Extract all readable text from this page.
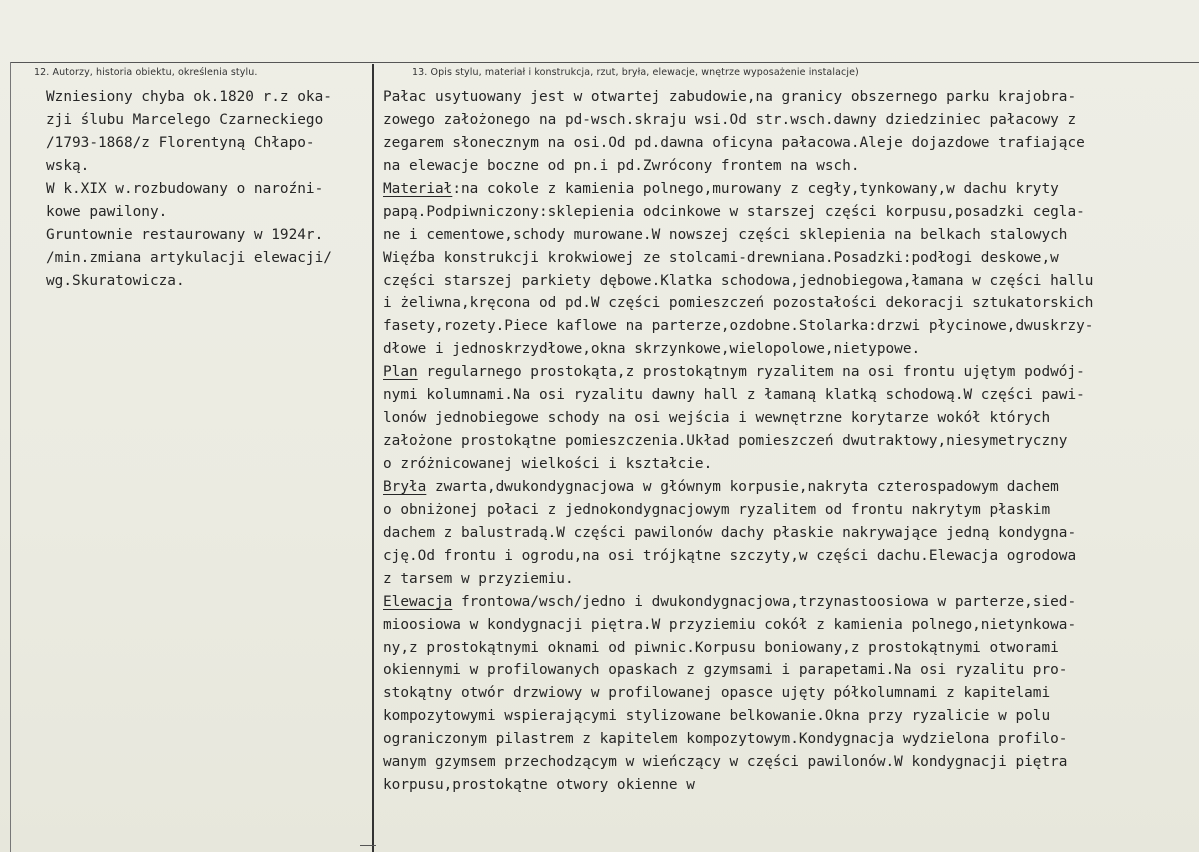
12. Autorzy, historia obiektu, określenia stylu.	13. Opis stylu, materiał i konstrukcja, rzut, bryła, elewacje, wnętrze wyposażenie instalacje)
Wzniesiony chyba ok.1820 r.z oka-
zji ślubu Marcelego Czarneckiego
/1793-1868/z Florentyną Chłapo-
wską.
W k.XIX w.rozbudowany o naroźni-
kowe pawilony.
Gruntownie restaurowany w 1924r.
/min.zmiana artykulacji elewacji/
wg.Skuratowicza.
Pałac usytuowany jest w otwartej zabudowie,na granicy obszernego parku krajobra-
zowego założonego na pd-wsch.skraju wsi.Od str.wsch.dawny dziedziniec pałacowy z
zegarem słonecznym na osi.Od pd.dawna oficyna pałacowa.Aleje dojazdowe trafiające
na elewacje boczne od pn.i pd.Zwrócony frontem na wsch.
Materiał:na cokole z kamienia polnego,murowany z cegły,tynkowany,w dachu kryty
papą.Podpiwniczony:sklepienia odcinkowe w starszej części korpusu,posadzki cegla-
ne i cementowe,schody murowane.W nowszej części sklepienia na belkach stalowych
Więźba konstrukcji krokwiowej ze stolcami-drewniana.Posadzki:podłogi deskowe,w
części starszej parkiety dębowe.Klatka schodowa,jednobiegowa,łamana w części hallu
i żeliwna,kręcona od pd.W części pomieszczeń pozostałości dekoracji sztukatorskich
fasety,rozety.Piece kaflowe na parterze,ozdobne.Stolarka:drzwi płycinowe,dwuskrzy-
dłowe i jednoskrzydłowe,okna skrzynkowe,wielopolowe,nietypowe.
Plan regularnego prostokąta,z prostokątnym ryzalitem na osi frontu ujętym podwój-
nymi kolumnami.Na osi ryzalitu dawny hall z łamaną klatką schodową.W części pawi-
lonów jednobiegowe schody na osi wejścia i wewnętrzne korytarze wokół których
założone prostokątne pomieszczenia.Układ pomieszczeń dwutraktowy,niesymetryczny
o zróżnicowanej wielkości i kształcie.
Bryła zwarta,dwukondygnacjowa w głównym korpusie,nakryta czterospadowym dachem
o obniżonej połaci z jednokondygnacjowym ryzalitem od frontu nakrytym płaskim
dachem z balustradą.W części pawilonów dachy płaskie nakrywające jedną kondygna-
cję.Od frontu i ogrodu,na osi trójkątne szczyty,w części dachu.Elewacja ogrodowa
z tarsem w przyziemiu.
Elewacja frontowa/wsch/jedno i dwukondygnacjowa,trzynastoosiowa w parterze,sied-
mioosiowa w kondygnacji piętra.W przyziemiu cokół z kamienia polnego,nietynkowa-
ny,z prostokątnymi oknami od piwnic.Korpusu boniowany,z prostokątnymi otworami
okiennymi w profilowanych opaskach z gzymsami i parapetami.Na osi ryzalitu pro-
stokątny otwór drzwiowy w profilowanej opasce ujęty półkolumnami z kapitelami
kompozytowymi wspierającymi stylizowane belkowanie.Okna przy ryzalicie w polu
ograniczonym pilastrem z kapitelem kompozytowym.Kondygnacja wydzielona profilo-
wanym gzymsem przechodzącym w wieńczący w części pawilonów.W kondygnacji piętra
korpusu,prostokątne otwory okienne w
